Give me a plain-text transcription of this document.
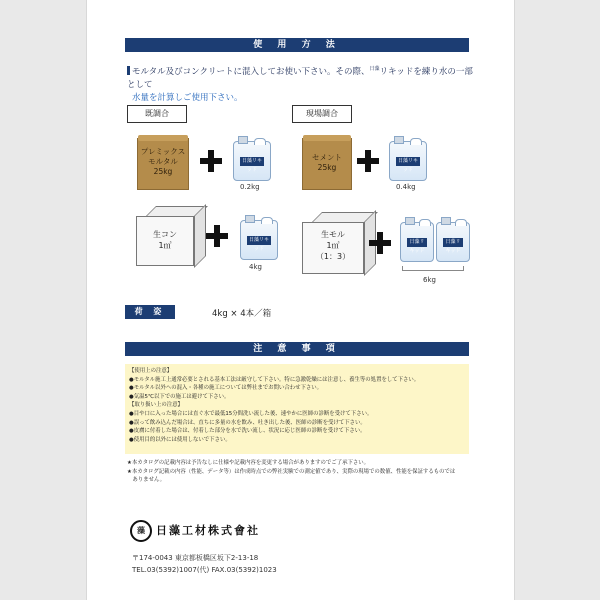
使 用 方 法
モルタル及びコンクリートに混入してお使い下さい。その際、$^{日藻}$リキッドを練り水の一部として
水量を計算しご使用下さい。
既調合	現場調合
プレミックス
モルタル
25kg
日藻リキッド
0.2kg
セメント
25kg
日藻リキッド
0.4kg
生コン
1㎥
日藻リキッド
4kg
生モル
1㎥
（1：3）
日藻リキッド
日藻リキッド
6kg
荷 姿	4kg × 4本／箱
注 意 事 項
【使用上の注意】
●モルタル施工上通常必要とされる基本工法は厳守して下さい。特に急激乾燥には注意し、養生等の処置をして下さい。
●モルタル以外への混入・各種の施工については弊社までお問い合わせ下さい。
●気温5℃以下での施工は避けて下さい。
【取り扱い上の注意】
●目や口に入った場合には直ぐ水で最低15分間洗い流した後、速やかに医師の診断を受けて下さい。
●誤って飲み込んだ場合は、直ちに多量の水を飲み、吐き出した後、医師の診断を受けて下さい。
●皮膚に付着した場合は、付着した部分を水で洗い流し、状況に応じ医師の診断を受けて下さい。
●使用目的以外には使用しないで下さい。
★本カタログの記載内容は予告なしに仕様や記載内容を変更する場合がありますのでご了承下さい。
★本カタログ記載の内容（性能、データ等）は作成時点での弊社実験での測定値であり、実際の現場での数値、性能を保証するものでは
　ありません。
藻	日藻工材株式會社
〒174-0043 東京都板橋区坂下2-13-18
TEL.03(5392)1007(代) FAX.03(5392)1023
